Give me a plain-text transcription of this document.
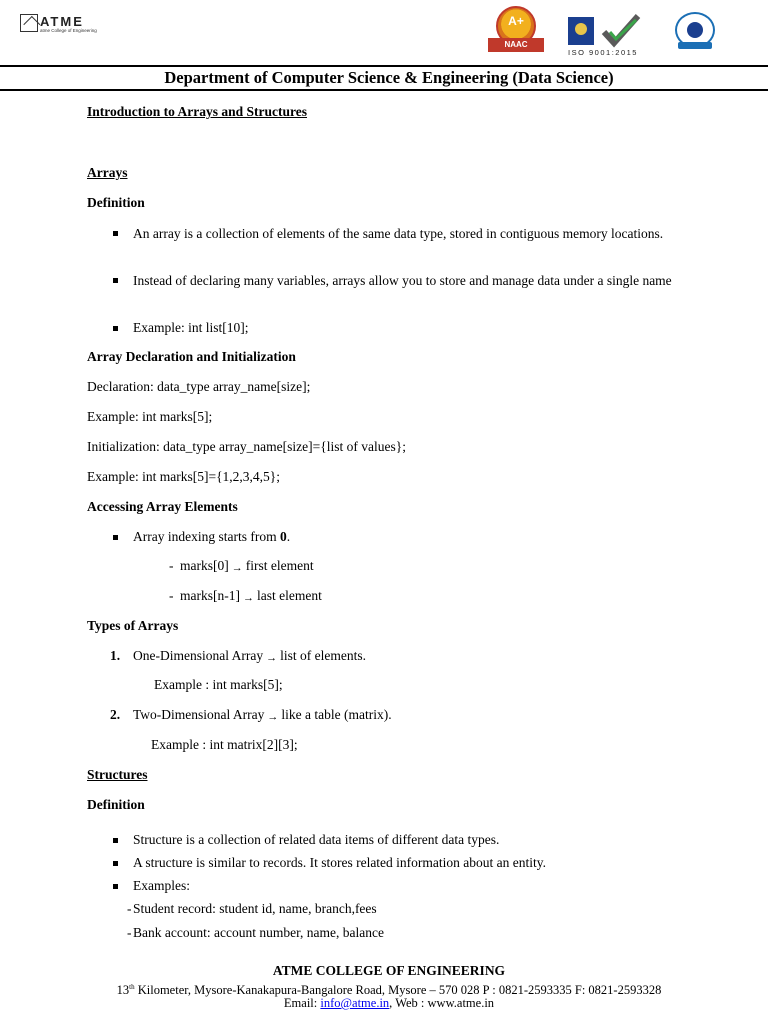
ATME
atme College of Engineering
A+
NAAC
ISO 9001:2015
Department of Computer Science & Engineering (Data Science)
Introduction to Arrays and Structures
Arrays
Definition
An array is a collection of elements of the same data type, stored in contiguous memory locations.
Instead of declaring many variables, arrays allow you to store and manage data under a single name
Example: int list[10];
Array Declaration and Initialization
Declaration: data_type array_name[size];
Example: int marks[5];
Initialization: data_type array_name[size]={list of values};
Example: int marks[5]={1,2,3,4,5};
Accessing Array Elements
Array indexing starts from 0.
- marks[0] → first element
- marks[n-1] → last element
Types of Arrays
1. One-Dimensional Array → list of elements.
Example : int marks[5];
2. Two-Dimensional Array → like a table (matrix).
Example : int matrix[2][3];
Structures
Definition
Structure is a collection of related data items of different data types.
A structure is similar to records. It stores related information about an entity.
Examples:
- Student record: student id, name, branch,fees
- Bank account: account number, name, balance
ATME COLLEGE OF ENGINEERING
13th Kilometer, Mysore-Kanakapura-Bangalore Road, Mysore – 570 028 P : 0821-2593335 F: 0821-2593328
Email: info@atme.in, Web : www.atme.in
